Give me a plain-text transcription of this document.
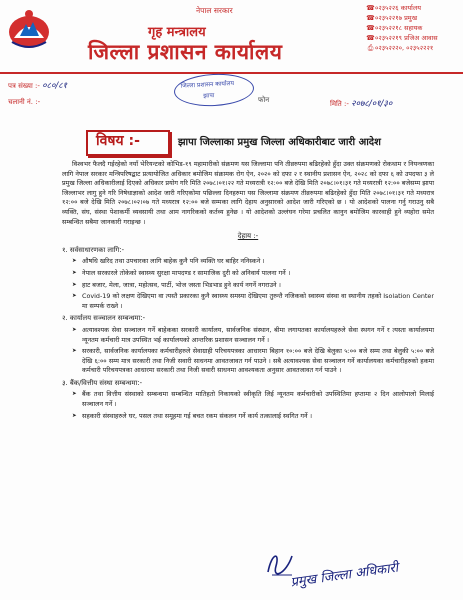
नेपाल सरकार
गृह मन्त्रालय
जिल्ला प्रशासन कार्यालय
☎०२३५२२६ कार्यालय
☎०२३५२२१७ प्रमुख
☎०२३५२२१८ सहायक
☎०२३५२२१९ प्रजिअ आवास
⎙ ०२३५२२२०, ०२३५२२२१
पत्र संख्या :- ०८०/८१
चलानी नं. :-
जिल्ला प्रशासन कार्यालय
झापा
फोन	मिति :- २०७८/०१/३०
विषय :-	झापा जिल्लाका प्रमुख जिल्ला अधिकारीबाट जारी आदेश

विश्वभर फैलदै गईरहेको नयाँ भेरियन्टको कोभिड-१९ महामारीको संक्रमण यस जिल्लामा पनि तीव्ररुपमा बढिरहेको हुँदा उक्त संक्रमणको रोकथाम र नियन्त्रणका लागि नेपाल सरकार मन्त्रिपरिषद्बाट प्रत्यायोजित अधिकार बमोजिम संक्रामक रोग ऐन, २०२० को दफा २ र स्थानीय प्रशासन ऐन, २०२८ को दफा ६ को उपदफा ३ ले प्रमुख जिल्ला अधिकारीलाई दिएको अधिकार प्रयोग गरि मिति २०७८।०१।२२ गते मध्यरात्री १२:०० बजे देखि मिति २०७८।०१।३१ गते मध्यरात्री १२:०० बजेसम्म झापा जिल्लाभर लागु हुने गरि निषेधाज्ञाको आदेश जारी गरिएकोमा पछिल्ला दिनहरुमा यस जिल्लामा संक्रमण तीव्ररुपमा बढिरहेको हुँदा मिति २०७८।०१।३१ गते मध्यरात्र १२:०० बजे देखि मिति २०७८।०२।०७ गते मध्यरात्र १२:०० बजे सम्मका लागि देहाय अनुसारको आदेश जारी गरिएको छ । यो आदेशको पालना गर्नु गराउनु सबै व्यक्ति, संघ, संस्था पेशाकर्मी व्यवसायी तथा आम नागरिकको कर्तव्य हुनेछ । यो आदेशको उल्लंघन गरेमा प्रचलित कानुन बमोजिम कारवाही हुने व्यहोरा समेत सम्बन्धित सबैमा जानकारी गराइन्छ ।

देहाय :-
१. सर्वसाधारणका लागि:-
➤ औषधि खरिद तथा उपचारका लागि बाहेक कुनै पनि व्यक्ति घर बाहिर ननिस्कने ।
➤ नेपाल सरकारले तोकेको स्वास्थ्य सुरक्षा मापदण्ड र सामाजिक दुरी को अनिवार्य पालना गर्ने ।
➤ हाट बजार, मेला, जात्रा, महोत्सव, पार्टी, भोज जस्ता भिडभाड हुने कार्य नगर्ने नगराउने ।
➤ Covid-19 को लक्षण देखिएमा वा त्यस्तै प्रकारका कुनै स्वास्थ्य समस्या देखिएमा तुरुन्तै नजिकको स्वास्थ्य संस्था वा स्थानीय तहको Isolation Center मा सम्पर्क राख्ने ।
२. कार्यालय सञ्चालन सम्बन्धमा:-
➤ अत्यावश्यक सेवा सञ्चालन गर्ने बाहेकका सरकारी कार्यालय, सार्वजनिक संस्थान, बीमा लगायतका कार्यालयहरुले सेवा स्थगन गर्ने र त्यस्ता कार्यालयमा न्यूनतम कर्मचारी मात्र उपस्थित भई कार्यालयको आन्तरिक प्रशासन सञ्चालन गर्ने ।
➤ सरकारी, सार्वजनिक कार्यालयका कर्मचारीहरुले सेवाग्राही परिचयपत्रका आधारमा बिहान १०:०० बजे देखि बेलुका ५:०० बजे सम्म तथा बेलुकी ५:०० बजे देखि ६:०० सम्म मात्र सरकारी तथा निजी सवारी साधनमा आवतजावत गर्न पाउने । सबै अत्यावश्यक सेवा सञ्चालन गर्ने कार्यालयका कर्मचारीहरुको हकमा कर्मचारी परिचयपत्रका आधारमा सरकारी तथा निजी सवारी साधनमा आवश्यकता अनुसार आवतजावत गर्न पाउने ।
३. बैंक/वित्तीय संस्था सम्बन्धमा:-
➤ बैंक तथा वित्तीय संस्थाको सम्बन्धमा सम्बन्धित मातिहतो निकायको स्वीकृति लिई न्यूनतम कर्मचारीको उपस्थितिमा हप्तामा २ दिन आलोपालो मिलाई सञ्चालन गर्ने ।
➤ सहकारी संस्थाहरुले घर, पसल तथा समूहमा गई बचत रकम संकलन गर्ने कार्य तत्कालाई स्थगित गर्ने ।
प्रमुख जिल्ला अधिकारी
